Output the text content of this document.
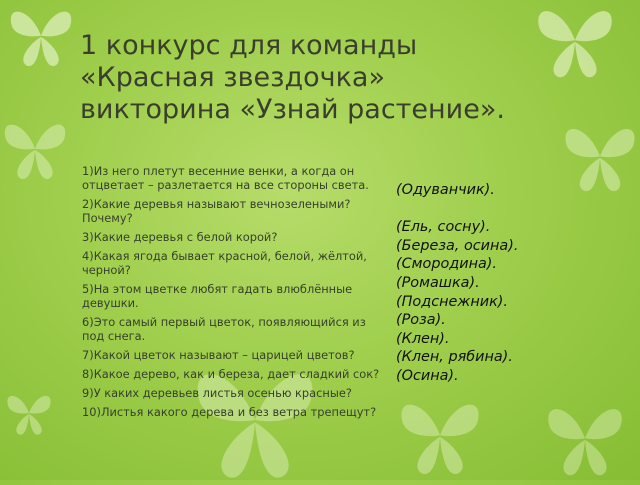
1 конкурс для команды
«Красная звездочка»
викторина «Узнай растение».
1)Из него плетут весенние венки, а когда он отцветает – разлетается на все стороны света.
2)Какие деревья называют вечнозелеными? Почему?
3)Какие деревья с белой корой?
4)Какая ягода бывает красной, белой, жёлтой, черной?
5)На этом цветке любят гадать влюблённые девушки.
6)Это самый первый цветок, появляющийся из под снега.
7)Какой цветок называют – царицей цветов?
8)Какое дерево, как и береза, дает сладкий сок?
9)У каких деревьев листья осенью красные?
10)Листья какого дерева и без ветра трепещут?
(Одуванчик).
(Ель, сосну).
(Береза, осина).
(Смородина).
(Ромашка).
(Подснежник).
(Роза).
(Клен).
(Клен, рябина).
(Осина).
